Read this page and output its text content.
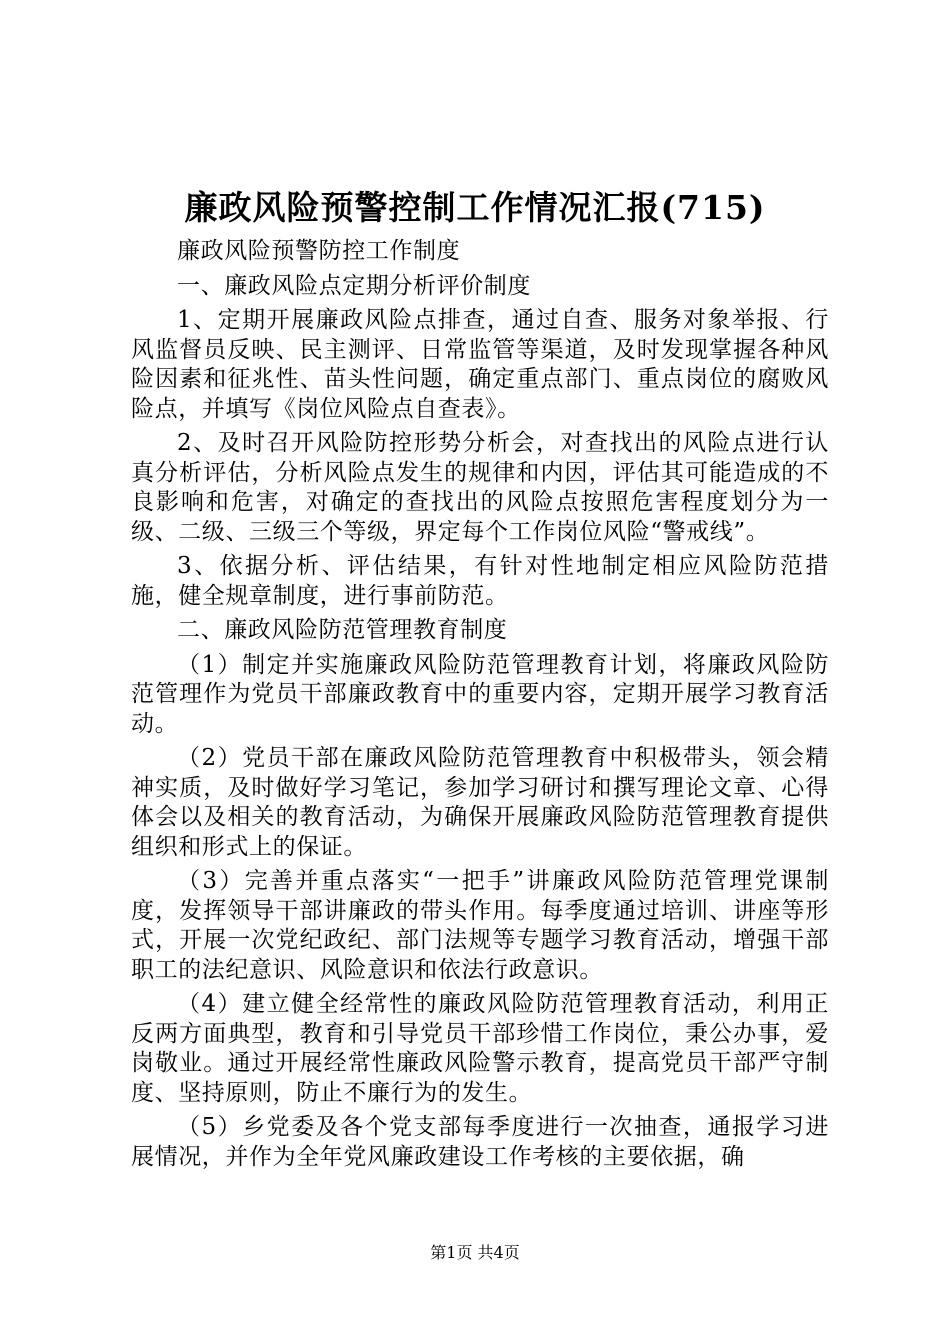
廉政风险预警控制工作情况汇报(715)

廉政风险预警防控工作制度

一、廉政风险点定期分析评价制度

1、定期开展廉政风险点排查，通过自查、服务对象举报、行风监督员反映、民主测评、日常监管等渠道，及时发现掌握各种风险因素和征兆性、苗头性问题，确定重点部门、重点岗位的腐败风险点，并填写《岗位风险点自查表》。

2、及时召开风险防控形势分析会，对查找出的风险点进行认真分析评估，分析风险点发生的规律和内因，评估其可能造成的不良影响和危害，对确定的查找出的风险点按照危害程度划分为一级、二级、三级三个等级，界定每个工作岗位风险“警戒线”。

3、依据分析、评估结果，有针对性地制定相应风险防范措施，健全规章制度，进行事前防范。

二、廉政风险防范管理教育制度

（1）制定并实施廉政风险防范管理教育计划，将廉政风险防范管理作为党员干部廉政教育中的重要内容，定期开展学习教育活动。

（2）党员干部在廉政风险防范管理教育中积极带头，领会精神实质，及时做好学习笔记，参加学习研讨和撰写理论文章、心得体会以及相关的教育活动，为确保开展廉政风险防范管理教育提供组织和形式上的保证。

（3）完善并重点落实“一把手”讲廉政风险防范管理党课制度，发挥领导干部讲廉政的带头作用。每季度通过培训、讲座等形式，开展一次党纪政纪、部门法规等专题学习教育活动，增强干部职工的法纪意识、风险意识和依法行政意识。

（4）建立健全经常性的廉政风险防范管理教育活动，利用正反两方面典型，教育和引导党员干部珍惜工作岗位，秉公办事，爱岗敬业。通过开展经常性廉政风险警示教育，提高党员干部严守制度、坚持原则，防止不廉行为的发生。

（5）乡党委及各个党支部每季度进行一次抽查，通报学习进展情况，并作为全年党风廉政建设工作考核的主要依据，确

第1页 共4页
